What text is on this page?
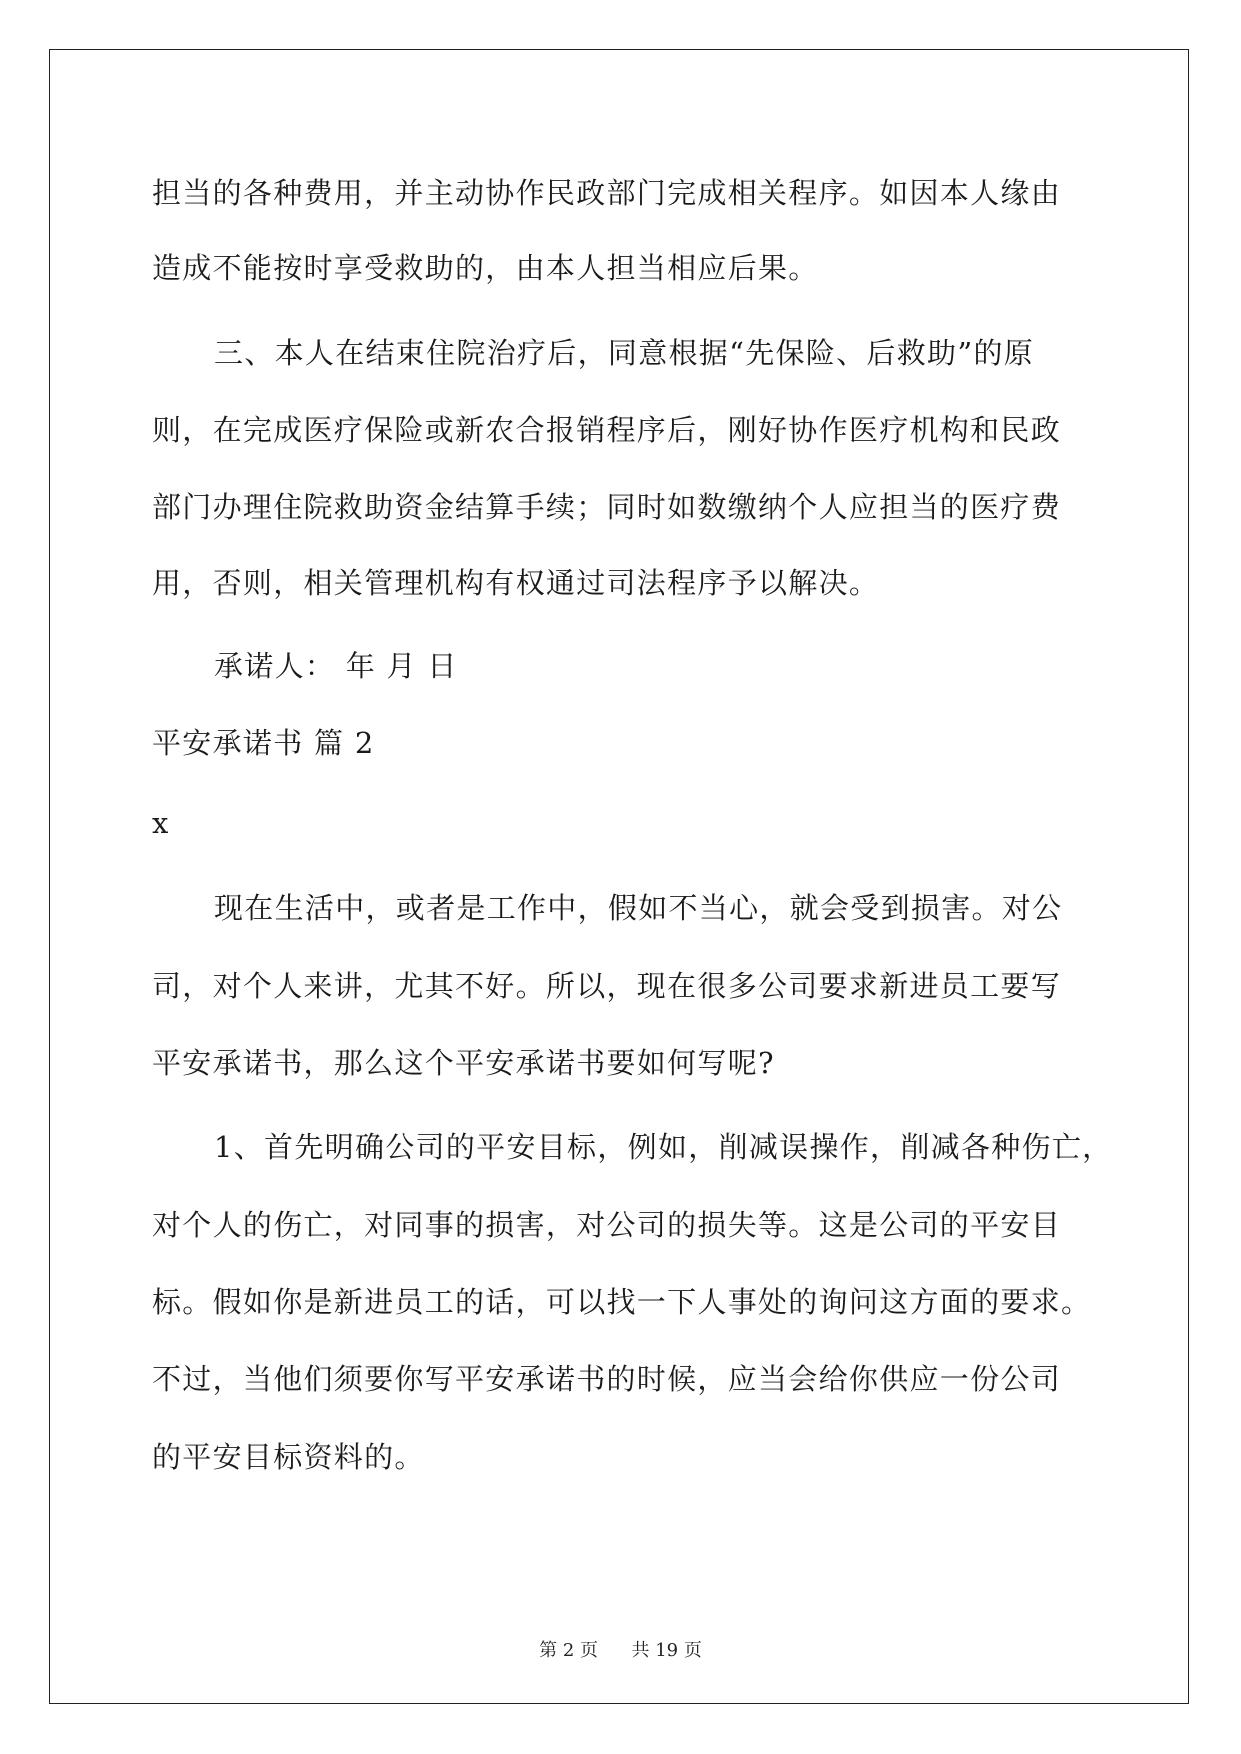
担当的各种费用，并主动协作民政部门完成相关程序。如因本人缘由
造成不能按时享受救助的，由本人担当相应后果。
三、本人在结束住院治疗后，同意根据“先保险、后救助”的原
则，在完成医疗保险或新农合报销程序后，刚好协作医疗机构和民政
部门办理住院救助资金结算手续；同时如数缴纳个人应担当的医疗费
用，否则，相关管理机构有权通过司法程序予以解决。
承诺人： 年 月 日
平安承诺书 篇 2
x
现在生活中，或者是工作中，假如不当心，就会受到损害。对公
司，对个人来讲，尤其不好。所以，现在很多公司要求新进员工要写
平安承诺书，那么这个平安承诺书要如何写呢?
1、首先明确公司的平安目标，例如，削减误操作，削减各种伤亡，
对个人的伤亡，对同事的损害，对公司的损失等。这是公司的平安目
标。假如你是新进员工的话，可以找一下人事处的询问这方面的要求。
不过，当他们须要你写平安承诺书的时候，应当会给你供应一份公司
的平安目标资料的。
第 2 页 共 19 页
